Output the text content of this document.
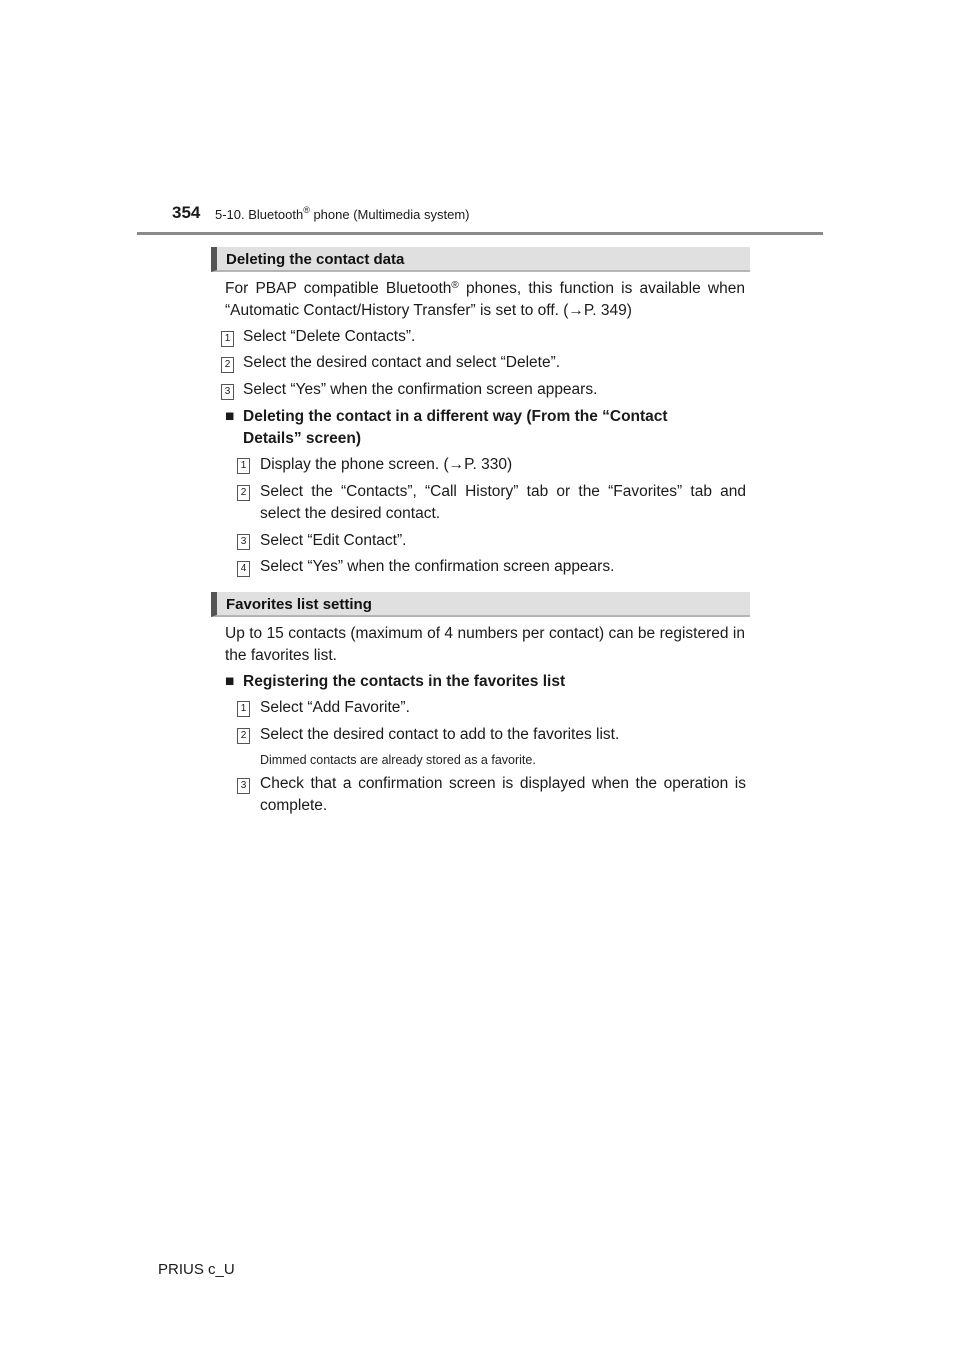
354 5-10. Bluetooth® phone (Multimedia system)
Deleting the contact data
For PBAP compatible Bluetooth® phones, this function is available when “Automatic Contact/History Transfer” is set to off. (→P. 349)
1 Select “Delete Contacts”.
2 Select the desired contact and select “Delete”.
3 Select “Yes” when the confirmation screen appears.
■ Deleting the contact in a different way (From the “Contact
Details” screen)
1 Display the phone screen. (→P. 330)
2 Select the “Contacts”, “Call History” tab or the “Favorites” tab and select the desired contact.
3 Select “Edit Contact”.
4 Select “Yes” when the confirmation screen appears.
Favorites list setting
Up to 15 contacts (maximum of 4 numbers per contact) can be registered in the favorites list.
■ Registering the contacts in the favorites list
1 Select “Add Favorite”.
2 Select the desired contact to add to the favorites list.
Dimmed contacts are already stored as a favorite.
3 Check that a confirmation screen is displayed when the operation is complete.
PRIUS c_U
